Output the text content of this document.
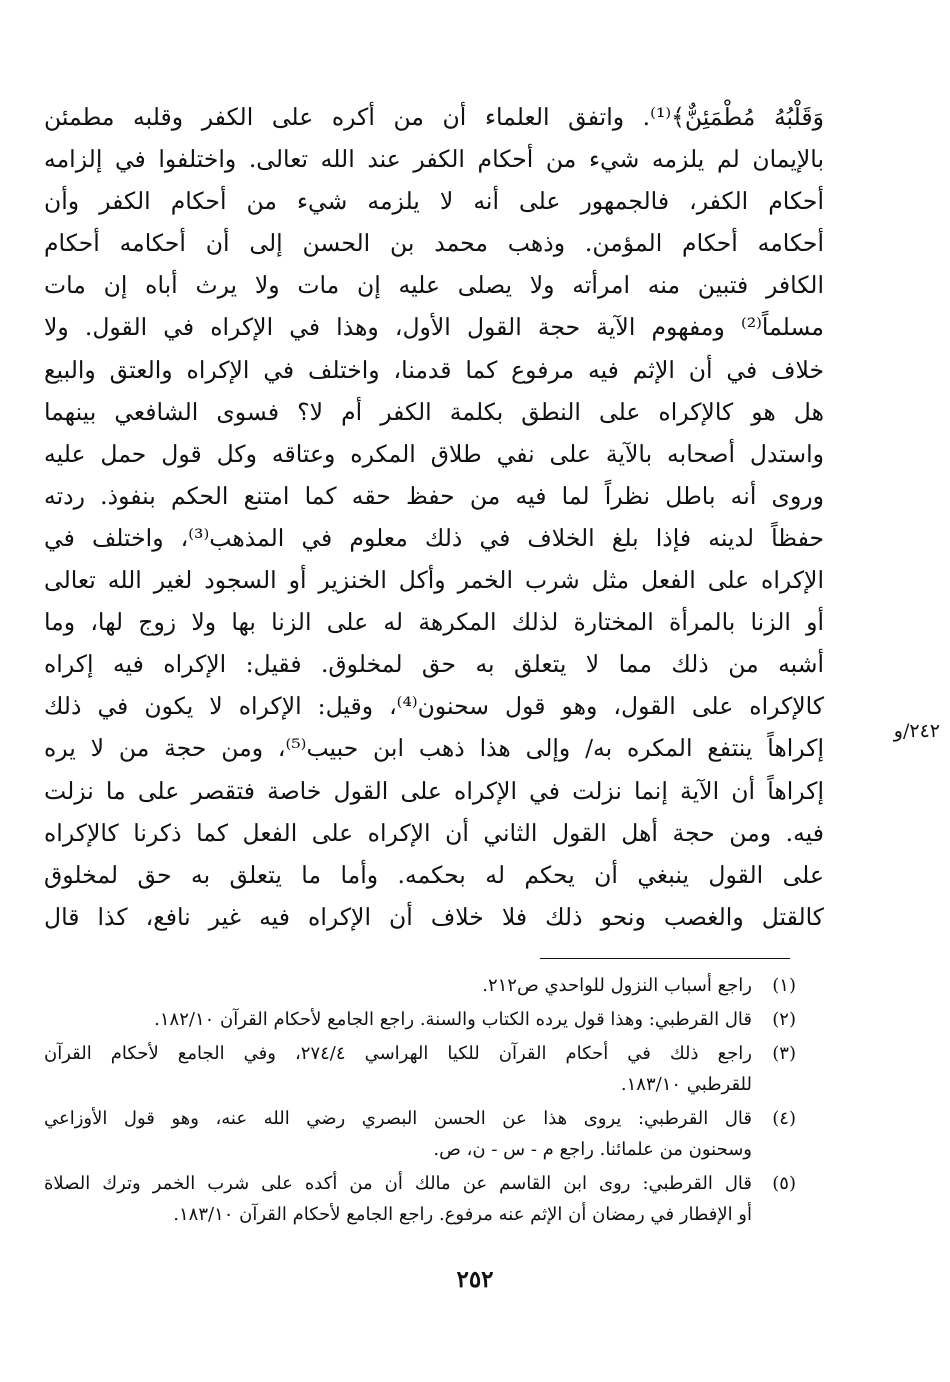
وَقَلْبُهُ مُطْمَئِنٌّ﴾⁽¹⁾. واتفق العلماء أن من أكره على الكفر وقلبه مطمئن
بالإيمان لم يلزمه شيء من أحكام الكفر عند الله تعالى. واختلفوا في إلزامه
أحكام الكفر، فالجمهور على أنه لا يلزمه شيء من أحكام الكفر وأن
أحكامه أحكام المؤمن. وذهب محمد بن الحسن إلى أن أحكامه أحكام
الكافر فتبين منه امرأته ولا يصلى عليه إن مات ولا يرث أباه إن مات
مسلماً⁽²⁾ ومفهوم الآية حجة القول الأول، وهذا في الإكراه في القول. ولا
خلاف في أن الإثم فيه مرفوع كما قدمنا، واختلف في الإكراه والعتق والبيع
هل هو كالإكراه على النطق بكلمة الكفر أم لا؟ فسوى الشافعي بينهما
واستدل أصحابه بالآية على نفي طلاق المكره وعتاقه وكل قول حمل عليه
وروى أنه باطل نظراً لما فيه من حفظ حقه كما امتنع الحكم بنفوذ. ردته
حفظاً لدينه فإذا بلغ الخلاف في ذلك معلوم في المذهب⁽³⁾، واختلف في
الإكراه على الفعل مثل شرب الخمر وأكل الخنزير أو السجود لغير الله تعالى
أو الزنا بالمرأة المختارة لذلك المكرهة له على الزنا بها ولا زوج لها، وما
أشبه من ذلك مما لا يتعلق به حق لمخلوق. فقيل: الإكراه فيه إكراه
كالإكراه على القول، وهو قول سحنون⁽⁴⁾، وقيل: الإكراه لا يكون في ذلك
إكراهاً ينتفع المكره به/ وإلى هذا ذهب ابن حبيب⁽⁵⁾، ومن حجة من لا يره
إكراهاً أن الآية إنما نزلت في الإكراه على القول خاصة فتقصر على ما نزلت
فيه. ومن حجة أهل القول الثاني أن الإكراه على الفعل كما ذكرنا كالإكراه
على القول ينبغي أن يحكم له بحكمه. وأما ما يتعلق به حق لمخلوق
كالقتل والغصب ونحو ذلك فلا خلاف أن الإكراه فيه غير نافع، كذا قال
٢٤٢/و
(١)
راجع أسباب النزول للواحدي ص٢١٢.
(٢)
قال القرطبي: وهذا قول يرده الكتاب والسنة. راجع الجامع لأحكام القرآن ١٨٢/١٠.
(٣)
راجع ذلك في أحكام القرآن للكيا الهراسي ٢٧٤/٤، وفي الجامع لأحكام القرآن
للقرطبي ١٨٣/١٠.
(٤)
قال القرطبي: يروى هذا عن الحسن البصري رضي الله عنه، وهو قول الأوزاعي
وسحنون من علمائنا. راجع م - س - ن، ص.
(٥)
قال القرطبي: روى ابن القاسم عن مالك أن من أكده على شرب الخمر وترك الصلاة
أو الإفطار في رمضان أن الإثم عنه مرفوع. راجع الجامع لأحكام القرآن ١٨٣/١٠.
٢٥٢
